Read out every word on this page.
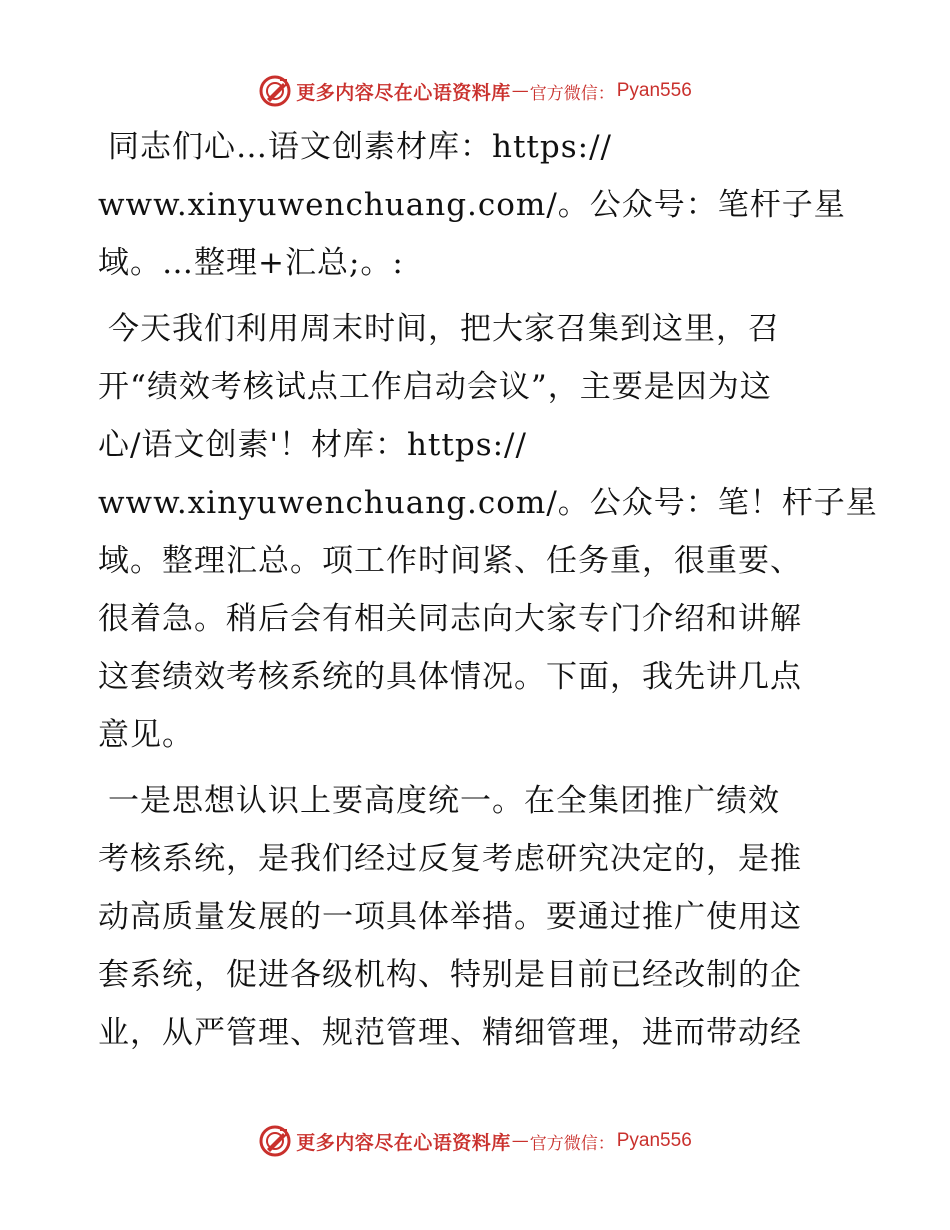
更多内容尽在心语资料库 — 官方微信： Pyan556
同志们心…语文创素材库：https://
www.xinyuwenchuang.com/。公众号：笔杆子星
域。…整理+汇总;。:
今天我们利用周末时间，把大家召集到这里，召
开“绩效考核试点工作启动会议”，主要是因为这
心/语文创素'！材库：https://
www.xinyuwenchuang.com/。公众号：笔！杆子星
域。整理汇总。项工作时间紧、任务重，很重要、
很着急。稍后会有相关同志向大家专门介绍和讲解
这套绩效考核系统的具体情况。下面，我先讲几点
意见。
一是思想认识上要高度统一。在全集团推广绩效
考核系统，是我们经过反复考虑研究决定的，是推
动高质量发展的一项具体举措。要通过推广使用这
套系统，促进各级机构、特别是目前已经改制的企
业，从严管理、规范管理、精细管理，进而带动经
更多内容尽在心语资料库 — 官方微信： Pyan556
